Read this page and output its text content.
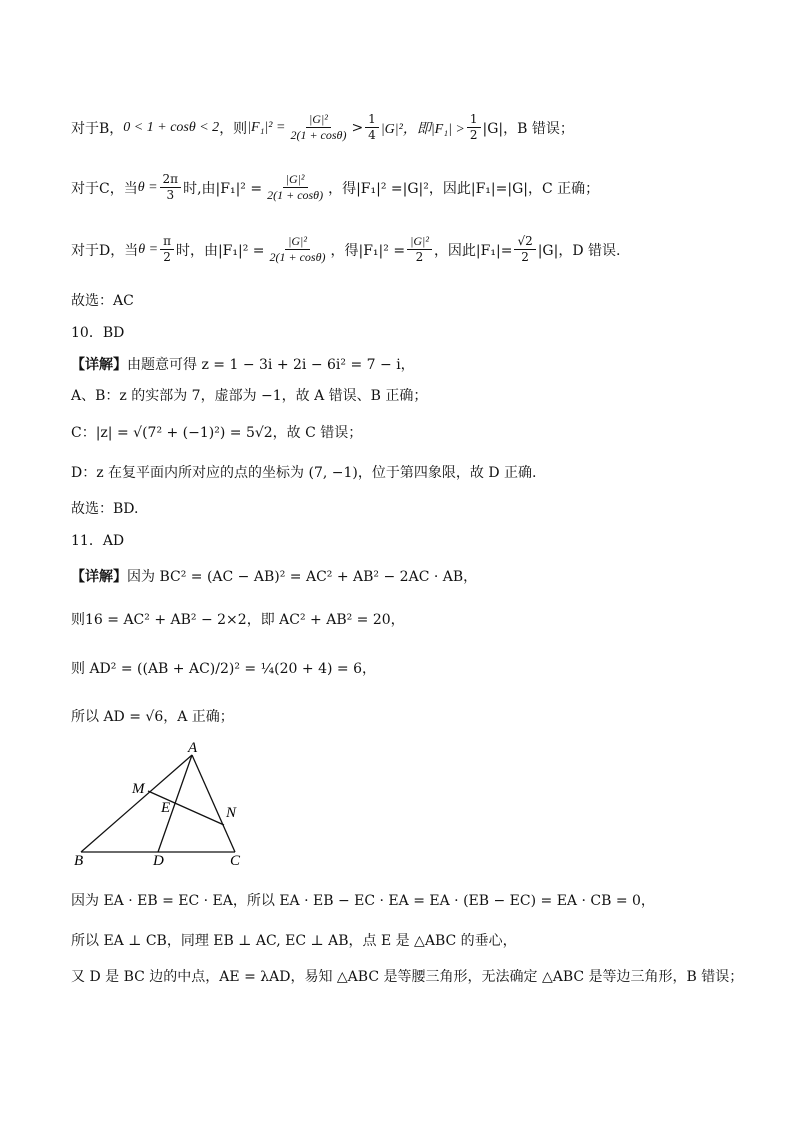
对于B， 0 < 1 + cosθ < 2 ，则 $|F_1|^2 = \frac{\text{|G|²}}{2(1 + \cos\theta)} > \frac{1}{4} |G|^2$，即$|F_1| > \frac{1}{2} |G|$，B 错误；
对于C，当 $\theta = \frac{2\pi}{3}$ 时,由$|F_1|^2 = \frac{\text{|G|²}}{2(1 + \cos\theta)}$ ，得|F₁|² =|G|²，因此|F₁|=|G|，C 正确；
对于D，当 $\theta = \frac{\pi}{2}$ 时，由$|F_1|^2 = \frac{\text{|G|²}}{2(1 + \cos\theta)}$ ，得$|F_1|^2 = \frac{\text{|G|²}}{2}$ ，因此$|F_1|= \frac{√2}{2} |G|$，D 错误.
故选：AC
10．BD
【详解】 由题意可得 z = 1 − 3i + 2i − 6i² = 7 − i，
A、B：z 的实部为 7，虚部为 −1，故 A 错误、B 正确；
C：|z| = √(7² + (−1)²) = 5√2，故 C 错误；
D：z 在复平面内所对应的点的坐标为 (7, −1)，位于第四象限，故 D 正确.
故选：BD.
11．AD
【详解】 因为 BC² = (AC − AB)² = AC² + AB² − 2AC · AB，
则16 = AC² + AB² − 2×2，即 AC² + AB² = 20，
则 AD² = ((AB + AC)/2)² = ¼(20 + 4) = 6，
所以 AD = √6，A 正确；
A
B	C
D
E
M
N
因为 EA · EB = EC · EA，所以 EA · EB − EC · EA = EA · (EB − EC) = EA · CB = 0，
所以 EA ⊥ CB，同理 EB ⊥ AC, EC ⊥ AB，点 E 是 △ABC 的垂心，
又 D 是 BC 边的中点，AE = λAD，易知 △ABC 是等腰三角形，无法确定 △ABC 是等边三角形，B 错误；
